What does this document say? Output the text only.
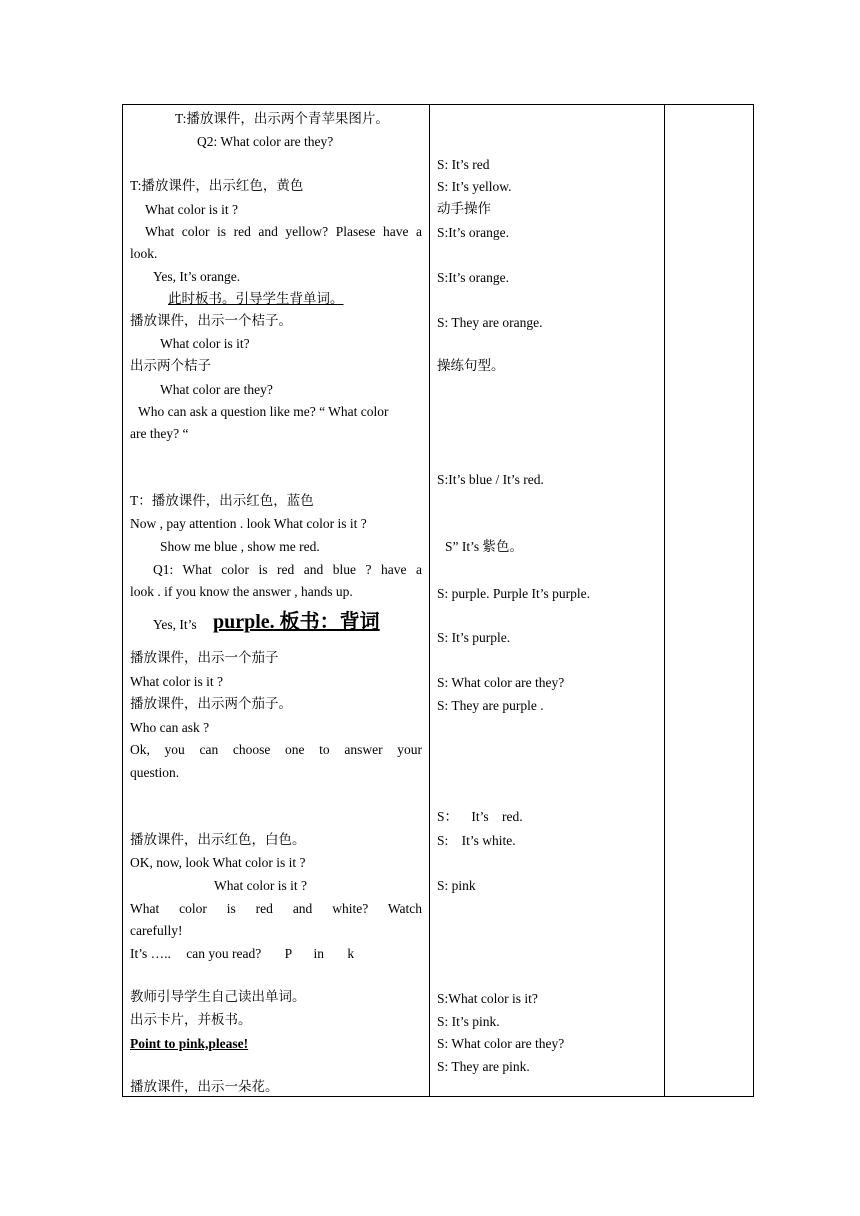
T:播放课件，出示两个青苹果图片。
Q2: What color are they?
T:播放课件，出示红色，黄色
What color is it ?
What color is red and yellow? Plasese have a
look.
Yes, It’s orange.
此时板书。引导学生背单词。
播放课件，出示一个桔子。
What color is it?
出示两个桔子
What color are they?
Who can ask a question like me? “ What color
are they? “
T：播放课件，出示红色，蓝色
Now , pay attention . look What color is it ?
Show me blue , show me red.
Q1: What color is red and blue ? have a
look . if you know the answer , hands up.
Yes, It’s purple. 板书：背词
播放课件，出示一个茄子
What color is it ?
播放课件，出示两个茄子。
Who can ask ?
Ok, you can choose one to answer your
question.
播放课件，出示红色，白色。
OK, now, look What color is it ?
What color is it ?
What color is red and white? Watch
carefully!
It’s ….. can you read? P in k
教师引导学生自己读出单词。
出示卡片，并板书。
Point to pink,please!
播放课件，出示一朵花。
S: It’s red
S: It’s yellow.
动手操作
S:It’s orange.
S:It’s orange.
S: They are orange.
操练句型。
S:It’s blue / It’s red.
S” It’s 紫色。
S: purple. Purple It’s purple.
S: It’s purple.
S: What color are they?
S: They are purple .
S： It’s red.
S: It’s white.
S: pink
S:What color is it?
S: It’s pink.
S: What color are they?
S: They are pink.
